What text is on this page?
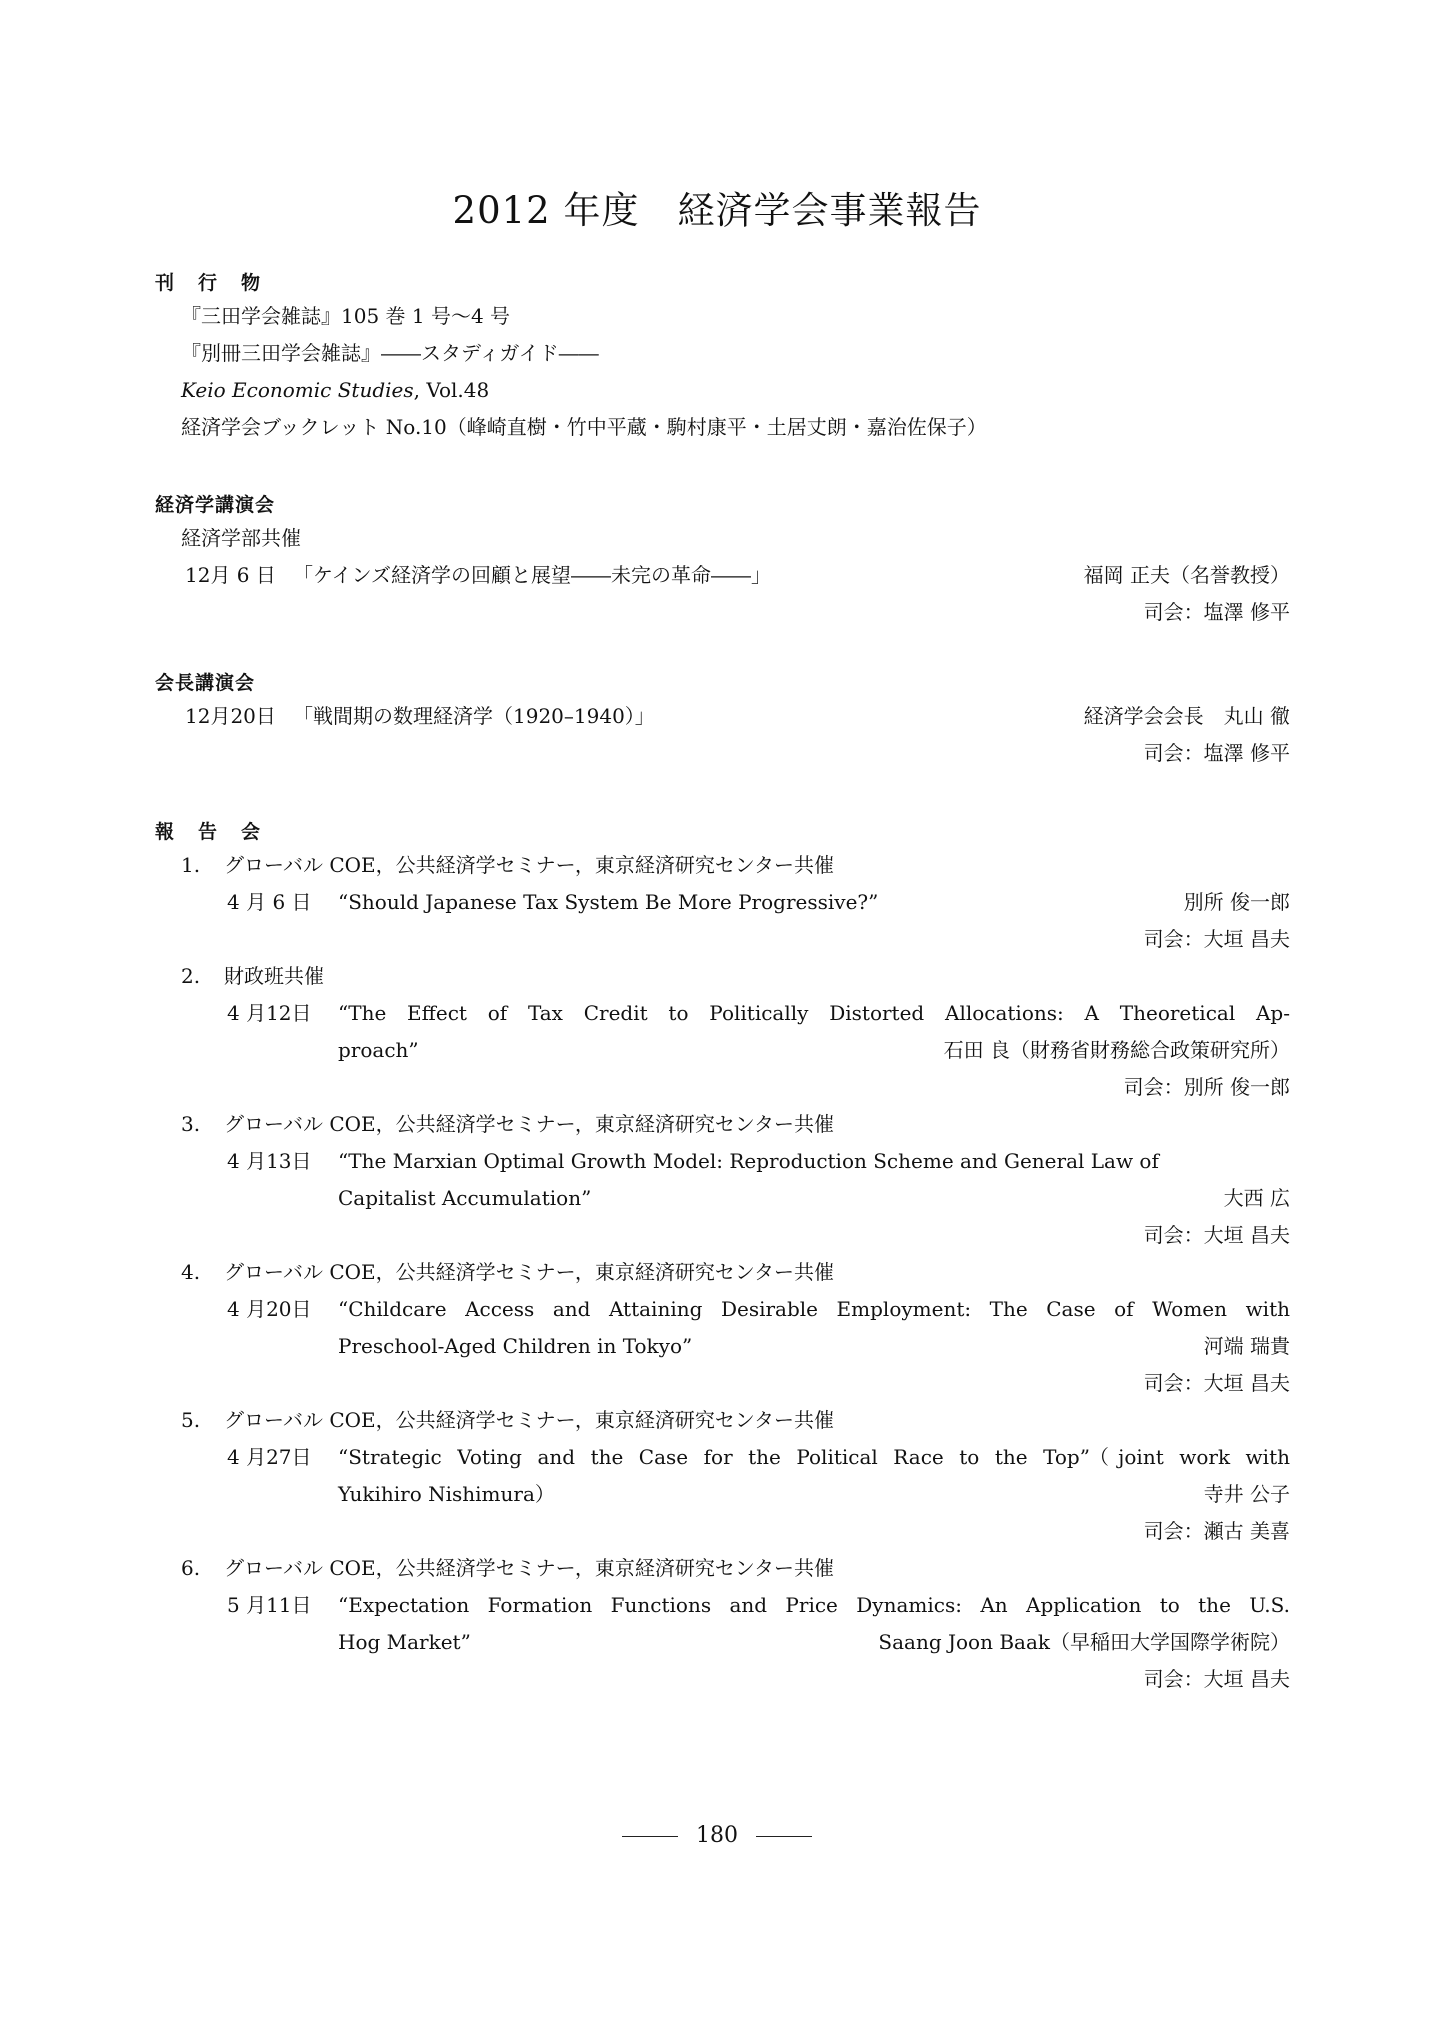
2012 年度　経済学会事業報告
刊行物
『三田学会雑誌』105 巻 1 号〜4 号
『別冊三田学会雑誌』――スタディガイド――
Keio Economic Studies, Vol.48
経済学会ブックレット No.10（峰崎直樹・竹中平蔵・駒村康平・土居丈朗・嘉治佐保子）
経済学講演会
経済学部共催
12月 6 日 「ケインズ経済学の回顧と展望――未完の革命――」	福岡 正夫（名誉教授）
司会：塩澤 修平
会長講演会
12月20日 「戦間期の数理経済学（1920–1940）」	経済学会会長　丸山 徹
司会：塩澤 修平
報告会
1. グローバル COE，公共経済学セミナー，東京経済研究センター共催
4 月 6 日 “Should Japanese Tax System Be More Progressive?”	別所 俊一郎
司会：大垣 昌夫
2. 財政班共催
4 月12日 “The Effect of Tax Credit to Politically Distorted Allocations: A Theoretical Ap-
proach”	石田 良（財務省財務総合政策研究所）
司会：別所 俊一郎
3. グローバル COE，公共経済学セミナー，東京経済研究センター共催
4 月13日 “The Marxian Optimal Growth Model: Reproduction Scheme and General Law of
Capitalist Accumulation”	大西 広
司会：大垣 昌夫
4. グローバル COE，公共経済学セミナー，東京経済研究センター共催
4 月20日 “Childcare Access and Attaining Desirable Employment: The Case of Women with
Preschool-Aged Children in Tokyo”	河端 瑞貴
司会：大垣 昌夫
5. グローバル COE，公共経済学セミナー，東京経済研究センター共催
4 月27日 “Strategic Voting and the Case for the Political Race to the Top”（joint work with
Yukihiro Nishimura）	寺井 公子
司会：瀬古 美喜
6. グローバル COE，公共経済学セミナー，東京経済研究センター共催
5 月11日 “Expectation Formation Functions and Price Dynamics: An Application to the U.S.
Hog Market”	Saang Joon Baak（早稲田大学国際学術院）
司会：大垣 昌夫
180
